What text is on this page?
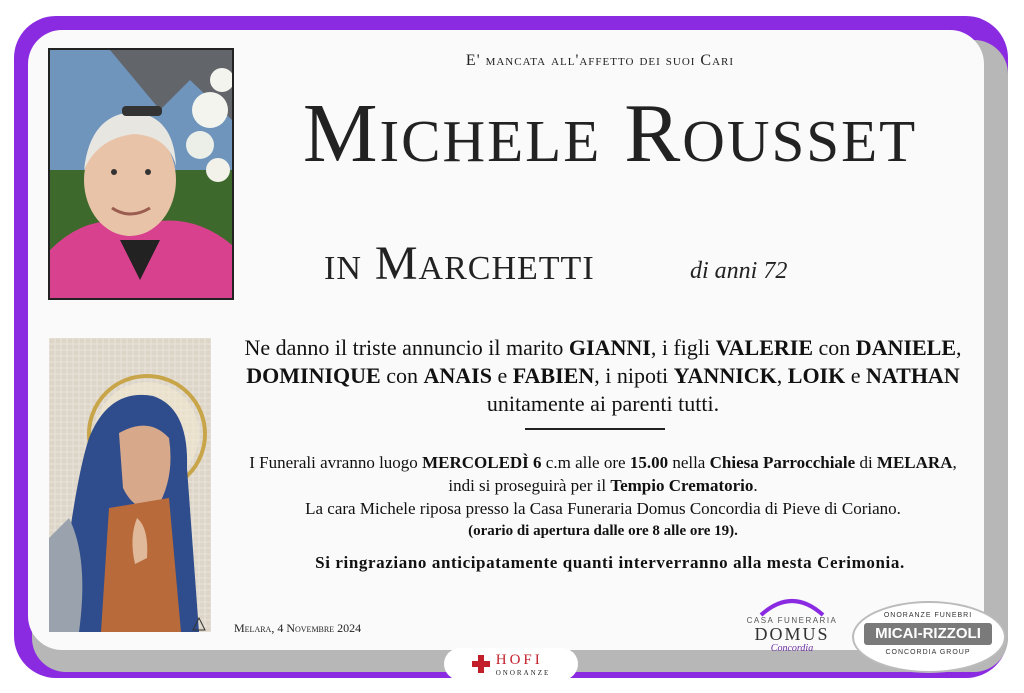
E' mancata all'affetto dei suoi Cari
Michele Rousset
in Marchetti	di anni 72
Ne danno il triste annuncio il marito GIANNI, i figli VALERIE con DANIELE,
DOMINIQUE con ANAIS e FABIEN, i nipoti YANNICK, LOIK e NATHAN
unitamente ai parenti tutti.
I Funerali avranno luogo MERCOLEDÌ 6 c.m alle ore 15.00 nella Chiesa Parrocchiale di MELARA,
indi si proseguirà per il Tempio Crematorio.
La cara Michele riposa presso la Casa Funeraria Domus Concordia di Pieve di Coriano.
(orario di apertura dalle ore 8 alle ore 19).
Si ringraziano anticipatamente quanti interverranno alla mesta Cerimonia.
Melara, 4 Novembre 2024
HOFI
ONORANZE
CASA FUNERARIA
DOMUS
Concordia
ONORANZE FUNEBRI
MICAI-RIZZOLI
CONCORDIA GROUP
